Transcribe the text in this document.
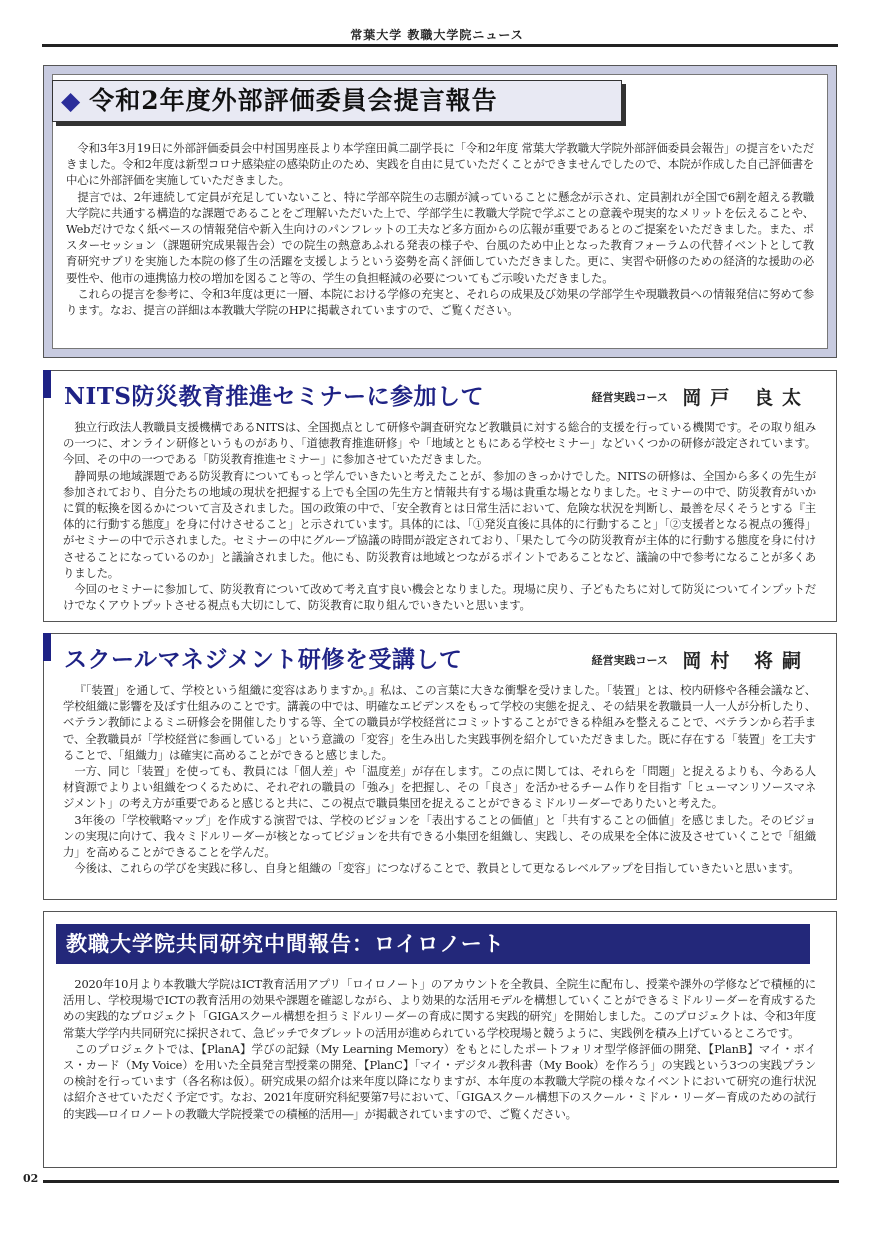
常葉大学 教職大学院ニュース
◆ 令和2年度外部評価委員会提言報告

令和3年3月19日に外部評価委員会中村国男座長より本学窪田眞二副学長に「令和2年度 常葉大学教職大学院外部評価委員会報告」の提言をいただきました。令和2年度は新型コロナ感染症の感染防止のため、実践を自由に見ていただくことができませんでしたので、本院が作成した自己評価書を中心に外部評価を実施していただきました。

提言では、2年連続して定員が充足していないこと、特に学部卒院生の志願が減っていることに懸念が示され、定員割れが全国で6割を超える教職大学院に共通する構造的な課題であることをご理解いただいた上で、学部学生に教職大学院で学ぶことの意義や現実的なメリットを伝えることや、Webだけでなく紙ベースの情報発信や新入生向けのパンフレットの工夫など多方面からの広報が重要であるとのご提案をいただきました。また、ポスターセッション（課題研究成果報告会）での院生の熱意あふれる発表の様子や、台風のため中止となった教育フォーラムの代替イベントとして教育研究サブリを実施した本院の修了生の活躍を支援しようという姿勢を高く評価していただきました。更に、実習や研修のための経済的な援助の必要性や、他市の連携協力校の増加を図ること等の、学生の負担軽減の必要についてもご示唆いただきました。

これらの提言を参考に、令和3年度は更に一層、本院における学修の充実と、それらの成果及び効果の学部学生や現職教員への情報発信に努めて参ります。なお、提言の詳細は本教職大学院のHPに掲載されていますので、ご覧ください。

NITS防災教育推進セミナーに参加して	経営実践コース 岡戸 良太

独立行政法人教職員支援機構であるNITSは、全国拠点として研修や調査研究など教職員に対する総合的支援を行っている機関です。その取り組みの一つに、オンライン研修というものがあり、「道徳教育推進研修」や「地域とともにある学校セミナー」などいくつかの研修が設定されています。今回、その中の一つである「防災教育推進セミナー」に参加させていただきました。

静岡県の地域課題である防災教育についてもっと学んでいきたいと考えたことが、参加のきっかけでした。NITSの研修は、全国から多くの先生が参加されており、自分たちの地域の現状を把握する上でも全国の先生方と情報共有する場は貴重な場となりました。セミナーの中で、防災教育がいかに質的転換を図るかについて言及されました。国の政策の中で、「安全教育とは日常生活において、危険な状況を判断し、最善を尽くそうとする『主体的に行動する態度』を身に付けさせること」と示されています。具体的には、「①発災直後に具体的に行動すること」「②支援者となる視点の獲得」がセミナーの中で示されました。セミナーの中にグループ協議の時間が設定されており、「果たして今の防災教育が主体的に行動する態度を身に付けさせることになっているのか」と議論されました。他にも、防災教育は地域とつながるポイントであることなど、議論の中で参考になることが多くありました。

今回のセミナーに参加して、防災教育について改めて考え直す良い機会となりました。現場に戻り、子どもたちに対して防災についてインプットだけでなくアウトプットさせる視点も大切にして、防災教育に取り組んでいきたいと思います。

スクールマネジメント研修を受講して	経営実践コース 岡村 将嗣

『「装置」を通して、学校という組織に変容はありますか。』私は、この言葉に大きな衝撃を受けました。「装置」とは、校内研修や各種会議など、学校組織に影響を及ぼす仕組みのことです。講義の中では、明確なエビデンスをもって学校の実態を捉え、その結果を教職員一人一人が分析したり、ベテラン教師によるミニ研修会を開催したりする等、全ての職員が学校経営にコミットすることができる枠組みを整えることで、ベテランから若手まで、全教職員が「学校経営に参画している」という意識の「変容」を生み出した実践事例を紹介していただきました。既に存在する「装置」を工夫することで、「組織力」は確実に高めることができると感じました。

一方、同じ「装置」を使っても、教員には「個人差」や「温度差」が存在します。この点に関しては、それらを「問題」と捉えるよりも、今ある人材資源でよりよい組織をつくるために、それぞれの職員の「強み」を把握し、その「良さ」を活かせるチーム作りを目指す「ヒューマンリソースマネジメント」の考え方が重要であると感じると共に、この視点で職員集団を捉えることができるミドルリーダーでありたいと考えた。

3年後の「学校戦略マップ」を作成する演習では、学校のビジョンを「表出することの価値」と「共有することの価値」を感じました。そのビジョンの実現に向けて、我々ミドルリーダーが核となってビジョンを共有できる小集団を組織し、実践し、その成果を全体に波及させていくことで「組織力」を高めることができることを学んだ。

今後は、これらの学びを実践に移し、自身と組織の「変容」につなげることで、教員として更なるレベルアップを目指していきたいと思います。

教職大学院共同研究中間報告：ロイロノート

2020年10月より本教職大学院はICT教育活用アプリ「ロイロノート」のアカウントを全教員、全院生に配布し、授業や課外の学修などで積極的に活用し、学校現場でICTの教育活用の効果や課題を確認しながら、より効果的な活用モデルを構想していくことができるミドルリーダーを育成するための実践的なプロジェクト「GIGAスクール構想を担うミドルリーダーの育成に関する実践的研究」を開始しました。このプロジェクトは、令和3年度常葉大学学内共同研究に採択されて、急ピッチでタブレットの活用が進められている学校現場と競うように、実践例を積み上げているところです。

このプロジェクトでは、【PlanA】学びの記録（My Learning Memory）をもとにしたポートフォリオ型学修評価の開発、【PlanB】マイ・ボイス・カード（My Voice）を用いた全員発言型授業の開発、【PlanC】「マイ・デジタル教科書（My Book）を作ろう」の実践という3つの実践プランの検討を行っています（各名称は仮）。研究成果の紹介は来年度以降になりますが、本年度の本教職大学院の様々なイベントにおいて研究の進行状況は紹介させていただく予定です。なお、2021年度研究科紀要第7号において、「GIGAスクール構想下のスクール・ミドル・リーダー育成のための試行的実践―ロイロノートの教職大学院授業での積極的活用―」が掲載されていますので、ご覧ください。

02
